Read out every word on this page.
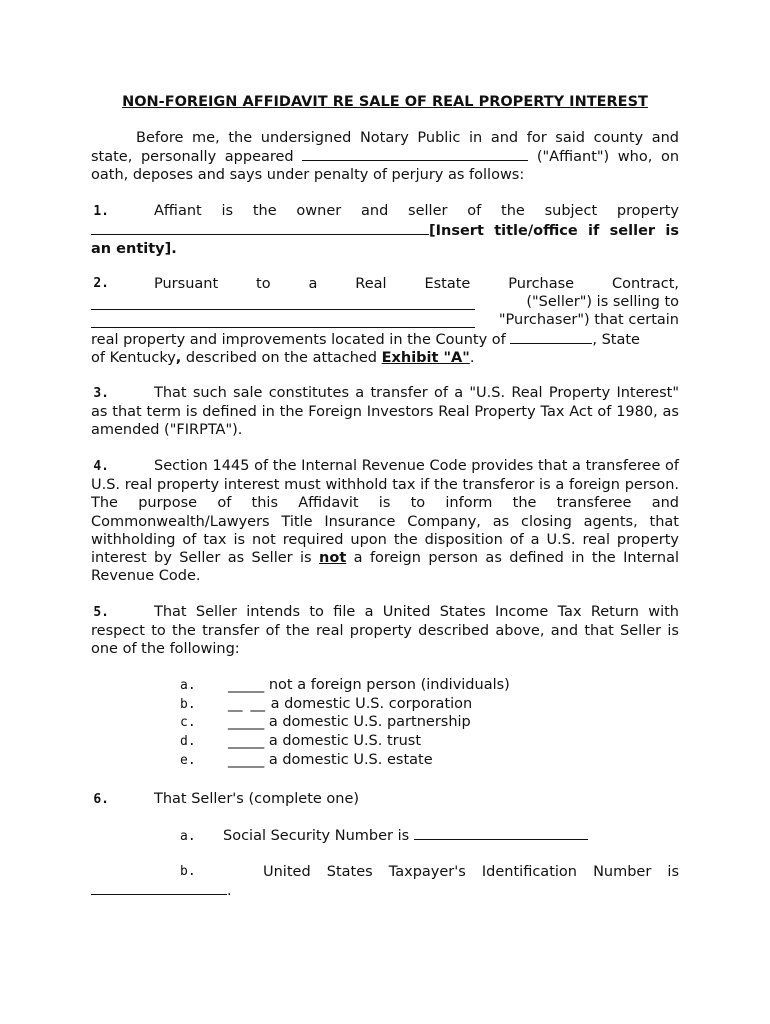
NON-FOREIGN AFFIDAVIT RE SALE OF REAL PROPERTY INTEREST
Before me, the undersigned Notary Public in and for said county and state, personally appeared	("Affiant") who, on oath, deposes and says under penalty of perjury as follows:
1.	Affiant is the owner and seller of the subject property [Insert title/office if seller is an entity].
2.	Pursuant to a Real Estate Purchase Contract,
("Seller") is selling to
"Purchaser") that certain
real property and improvements located in the County of	, State
of Kentucky, described on the attached Exhibit "A".
3.	That such sale constitutes a transfer of a "U.S. Real Property Interest" as that term is defined in the Foreign Investors Real Property Tax Act of 1980, as amended ("FIRPTA").
4.	Section 1445 of the Internal Revenue Code provides that a transferee of U.S. real property interest must withhold tax if the transferor is a foreign person. The purpose of this Affidavit is to inform the transferee and Commonwealth/Lawyers Title Insurance Company, as closing agents, that withholding of tax is not required upon the disposition of a U.S. real property interest by Seller as Seller is not a foreign person as defined in the Internal Revenue Code.
5.	That Seller intends to file a United States Income Tax Return with respect to the transfer of the real property described above, and that Seller is one of the following:
a. _____ not a foreign person (individuals)
b. __ __ a domestic U.S. corporation
c. _____ a domestic U.S. partnership
d. _____ a domestic U.S. trust
e. _____ a domestic U.S. estate
6.	That Seller's (complete one)
a. Social Security Number is
b.	United States Taxpayer's Identification Number is
.
